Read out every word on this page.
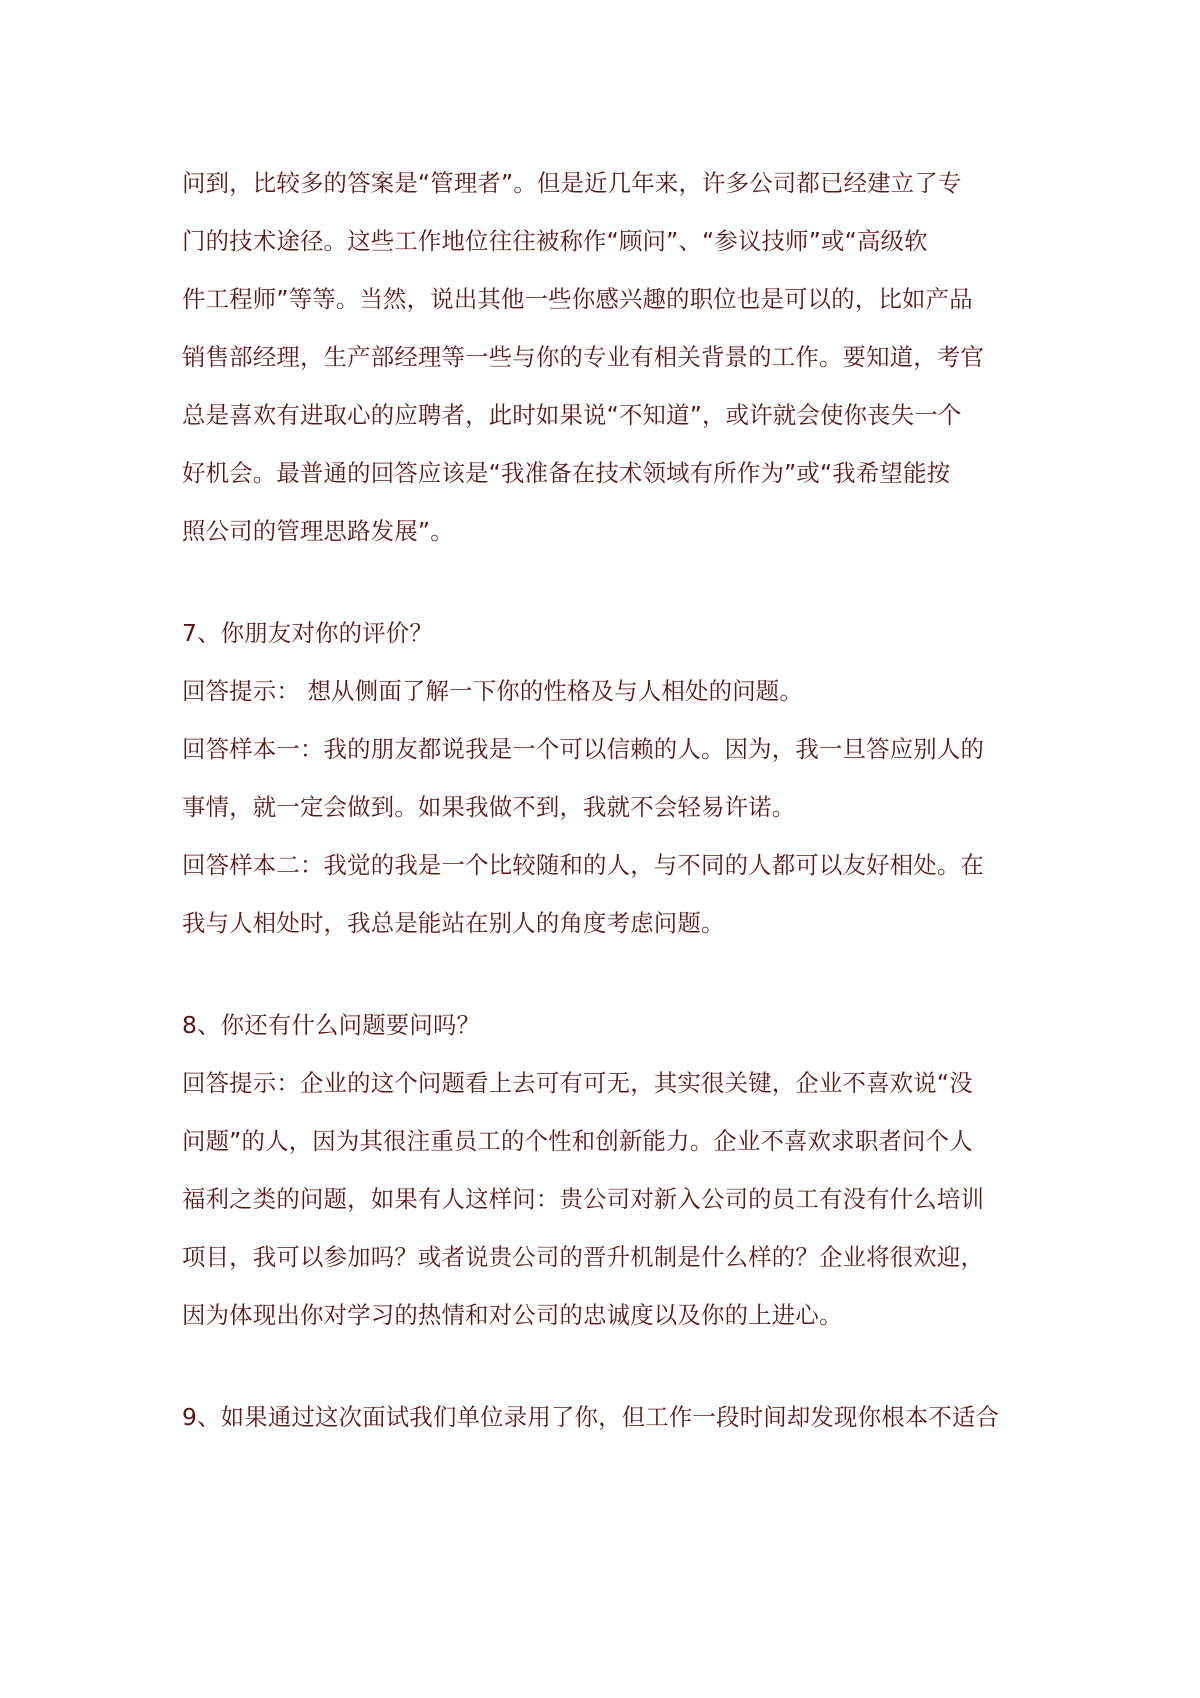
问到，比较多的答案是“管理者”。但是近几年来，许多公司都已经建立了专
门的技术途径。这些工作地位往往被称作“顾问”、“参议技师”或“高级软
件工程师”等等。当然，说出其他一些你感兴趣的职位也是可以的，比如产品
销售部经理，生产部经理等一些与你的专业有相关背景的工作。要知道，考官
总是喜欢有进取心的应聘者，此时如果说“不知道”，或许就会使你丧失一个
好机会。最普通的回答应该是“我准备在技术领域有所作为”或“我希望能按
照公司的管理思路发展”。
7、你朋友对你的评价？
回答提示： 想从侧面了解一下你的性格及与人相处的问题。
回答样本一：我的朋友都说我是一个可以信赖的人。因为，我一旦答应别人的
事情，就一定会做到。如果我做不到，我就不会轻易许诺。
回答样本二：我觉的我是一个比较随和的人，与不同的人都可以友好相处。在
我与人相处时，我总是能站在别人的角度考虑问题。
8、你还有什么问题要问吗？
回答提示：企业的这个问题看上去可有可无，其实很关键，企业不喜欢说“没
问题”的人，因为其很注重员工的个性和创新能力。企业不喜欢求职者问个人
福利之类的问题，如果有人这样问：贵公司对新入公司的员工有没有什么培训
项目，我可以参加吗？或者说贵公司的晋升机制是什么样的？企业将很欢迎，
因为体现出你对学习的热情和对公司的忠诚度以及你的上进心。
9、如果通过这次面试我们单位录用了你，但工作一段时间却发现你根本不适合
